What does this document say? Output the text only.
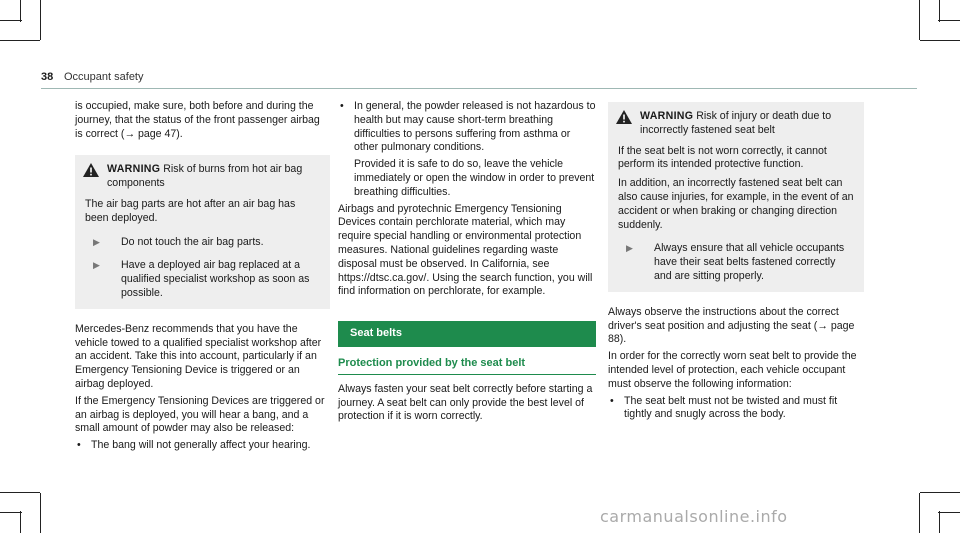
38 Occupant safety

is occupied, make sure, both before and during the journey, that the status of the front passenger airbag is correct (→ page 47).

WARNING Risk of burns from hot air bag components
The air bag parts are hot after an air bag has been deployed.
▶	Do not touch the air bag parts.
▶	Have a deployed air bag replaced at a qualified specialist workshop as soon as possible.

Mercedes-Benz recommends that you have the vehicle towed to a qualified specialist workshop after an accident. Take this into account, particularly if an Emergency Tensioning Device is triggered or an airbag deployed.

If the Emergency Tensioning Devices are triggered or an airbag is deployed, you will hear a bang, and a small amount of powder may also be released:

• The bang will not generally affect your hearing.
• In general, the powder released is not hazardous to health but may cause short-term breathing difficulties to persons suffering from asthma or other pulmonary conditions.

Provided it is safe to do so, leave the vehicle immediately or open the window in order to prevent breathing difficulties.

Airbags and pyrotechnic Emergency Tensioning Devices contain perchlorate material, which may require special handling or environmental protection measures. National guidelines regarding waste disposal must be observed. In California, see https://dtsc.ca.gov/. Using the search function, you will find information on perchlorate, for example.

Seat belts
Protection provided by the seat belt

Always fasten your seat belt correctly before starting a journey. A seat belt can only provide the best level of protection if it is worn correctly.

WARNING Risk of injury or death due to incorrectly fastened seat belt
If the seat belt is not worn correctly, it cannot perform its intended protective function.
In addition, an incorrectly fastened seat belt can also cause injuries, for example, in the event of an accident or when braking or changing direction suddenly.
▶	Always ensure that all vehicle occupants have their seat belts fastened correctly and are sitting properly.

Always observe the instructions about the correct driver's seat position and adjusting the seat (→ page 88).

In order for the correctly worn seat belt to provide the intended level of protection, each vehicle occupant must observe the following information:

• The seat belt must not be twisted and must fit tightly and snugly across the body.
carmanualsonline.info
